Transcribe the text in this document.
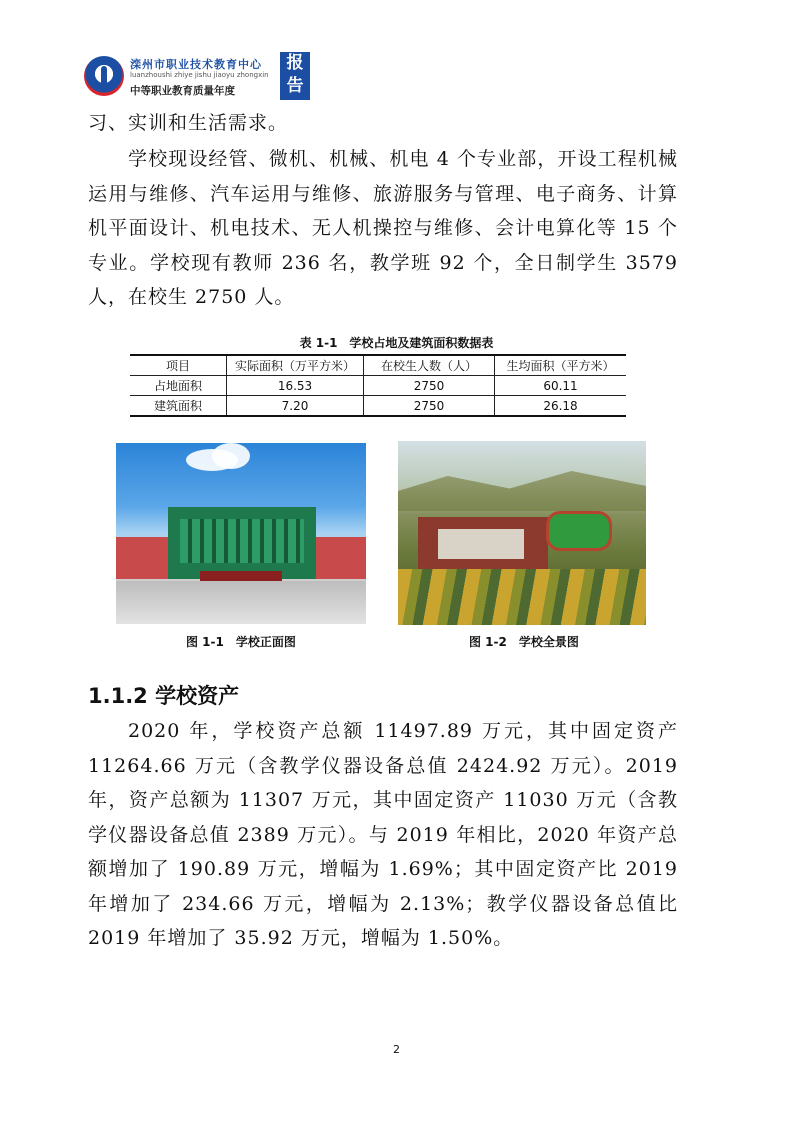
滦州市职业技术教育中心
luanzhoushi zhiye jishu jiaoyu zhongxin
中等职业教育质量年度
报
告

习、实训和生活需求。

学校现设经管、微机、机械、机电 4 个专业部，开设工程机械运用与维修、汽车运用与维修、旅游服务与管理、电子商务、计算机平面设计、机电技术、无人机操控与维修、会计电算化等 15 个专业。学校现有教师 236 名，教学班 92 个，全日制学生 3579 人，在校生 2750 人。

表 1-1　学校占地及建筑面积数据表
项目	实际面积（万平方米）	在校生人数（人）	生均面积（平方米）
占地面积	16.53	2750	60.11
建筑面积	7.20	2750	26.18
图 1-1　学校正面图	图 1-2　学校全景图
1.1.2 学校资产

2020 年，学校资产总额 11497.89 万元，其中固定资产 11264.66 万元（含教学仪器设备总值 2424.92 万元）。2019 年，资产总额为 11307 万元，其中固定资产 11030 万元（含教学仪器设备总值 2389 万元）。与 2019 年相比，2020 年资产总额增加了 190.89 万元，增幅为 1.69%；其中固定资产比 2019 年增加了 234.66 万元，增幅为 2.13%；教学仪器设备总值比 2019 年增加了 35.92 万元，增幅为 1.50%。

2
